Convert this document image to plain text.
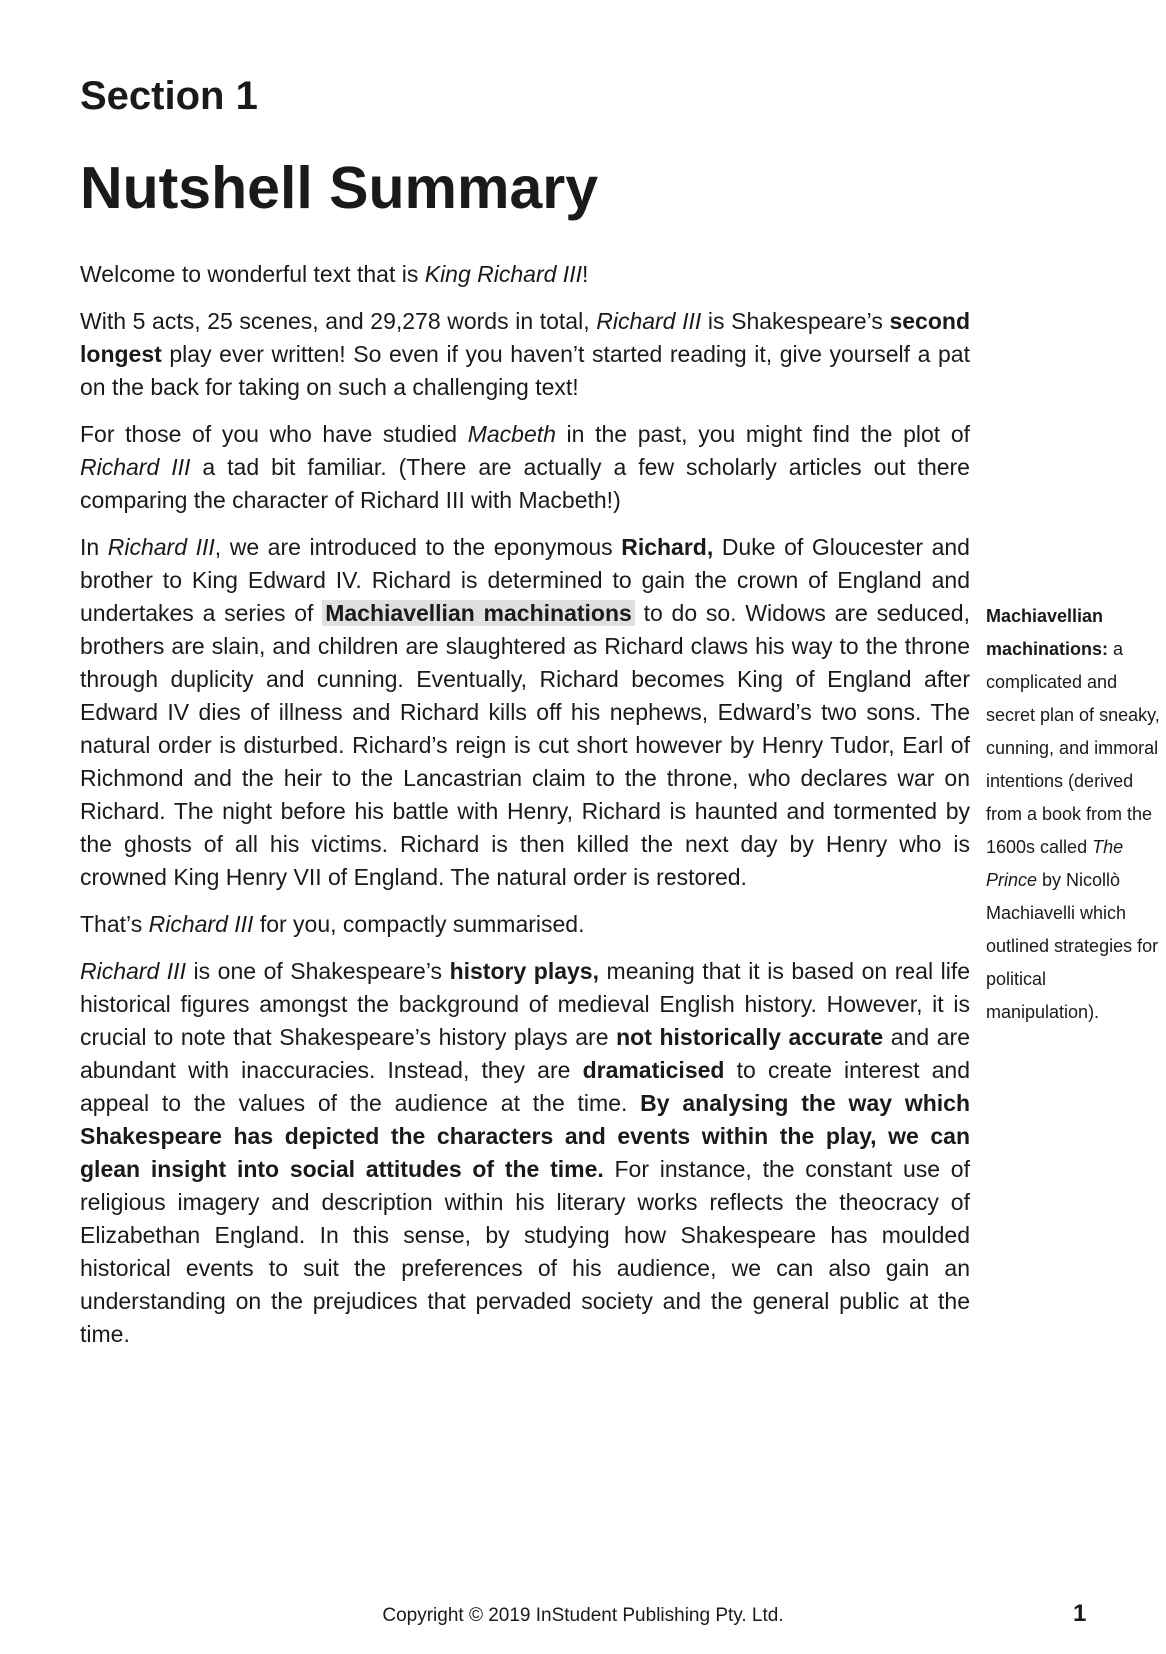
Section 1
Nutshell Summary

Welcome to wonderful text that is King Richard III!

With 5 acts, 25 scenes, and 29,278 words in total, Richard III is Shakespeare’s second longest play ever written! So even if you haven’t started reading it, give yourself a pat on the back for taking on such a challenging text!

For those of you who have studied Macbeth in the past, you might find the plot of Richard III a tad bit familiar. (There are actually a few scholarly articles out there comparing the character of Richard III with Macbeth!)

In Richard III, we are introduced to the eponymous Richard, Duke of Gloucester and brother to King Edward IV. Richard is determined to gain the crown of England and undertakes a series of Machiavellian machinations to do so. Widows are seduced, brothers are slain, and children are slaughtered as Richard claws his way to the throne through duplicity and cunning. Eventually, Richard becomes King of England after Edward IV dies of illness and Richard kills off his nephews, Edward’s two sons. The natural order is disturbed. Richard’s reign is cut short however by Henry Tudor, Earl of Richmond and the heir to the Lancastrian claim to the throne, who declares war on Richard. The night before his battle with Henry, Richard is haunted and tormented by the ghosts of all his victims. Richard is then killed the next day by Henry who is crowned King Henry VII of England. The natural order is restored.

That’s Richard III for you, compactly summarised.

Richard III is one of Shakespeare’s history plays, meaning that it is based on real life historical figures amongst the background of medieval English history. However, it is crucial to note that Shakespeare’s history plays are not historically accurate and are abundant with inaccuracies. Instead, they are dramaticised to create interest and appeal to the values of the audience at the time. By analysing the way which Shakespeare has depicted the characters and events within the play, we can glean insight into social attitudes of the time. For instance, the constant use of religious imagery and description within his literary works reflects the theocracy of Elizabethan England. In this sense, by studying how Shakespeare has moulded historical events to suit the preferences of his audience, we can also gain an understanding on the prejudices that pervaded society and the general public at the time.

Machiavellian machinations: a complicated and secret plan of sneaky, cunning, and immoral intentions (derived from a book from the 1600s called The Prince by Nicollò Machiavelli which outlined strategies for political manipulation).
Copyright © 2019 InStudent Publishing Pty. Ltd.	1
